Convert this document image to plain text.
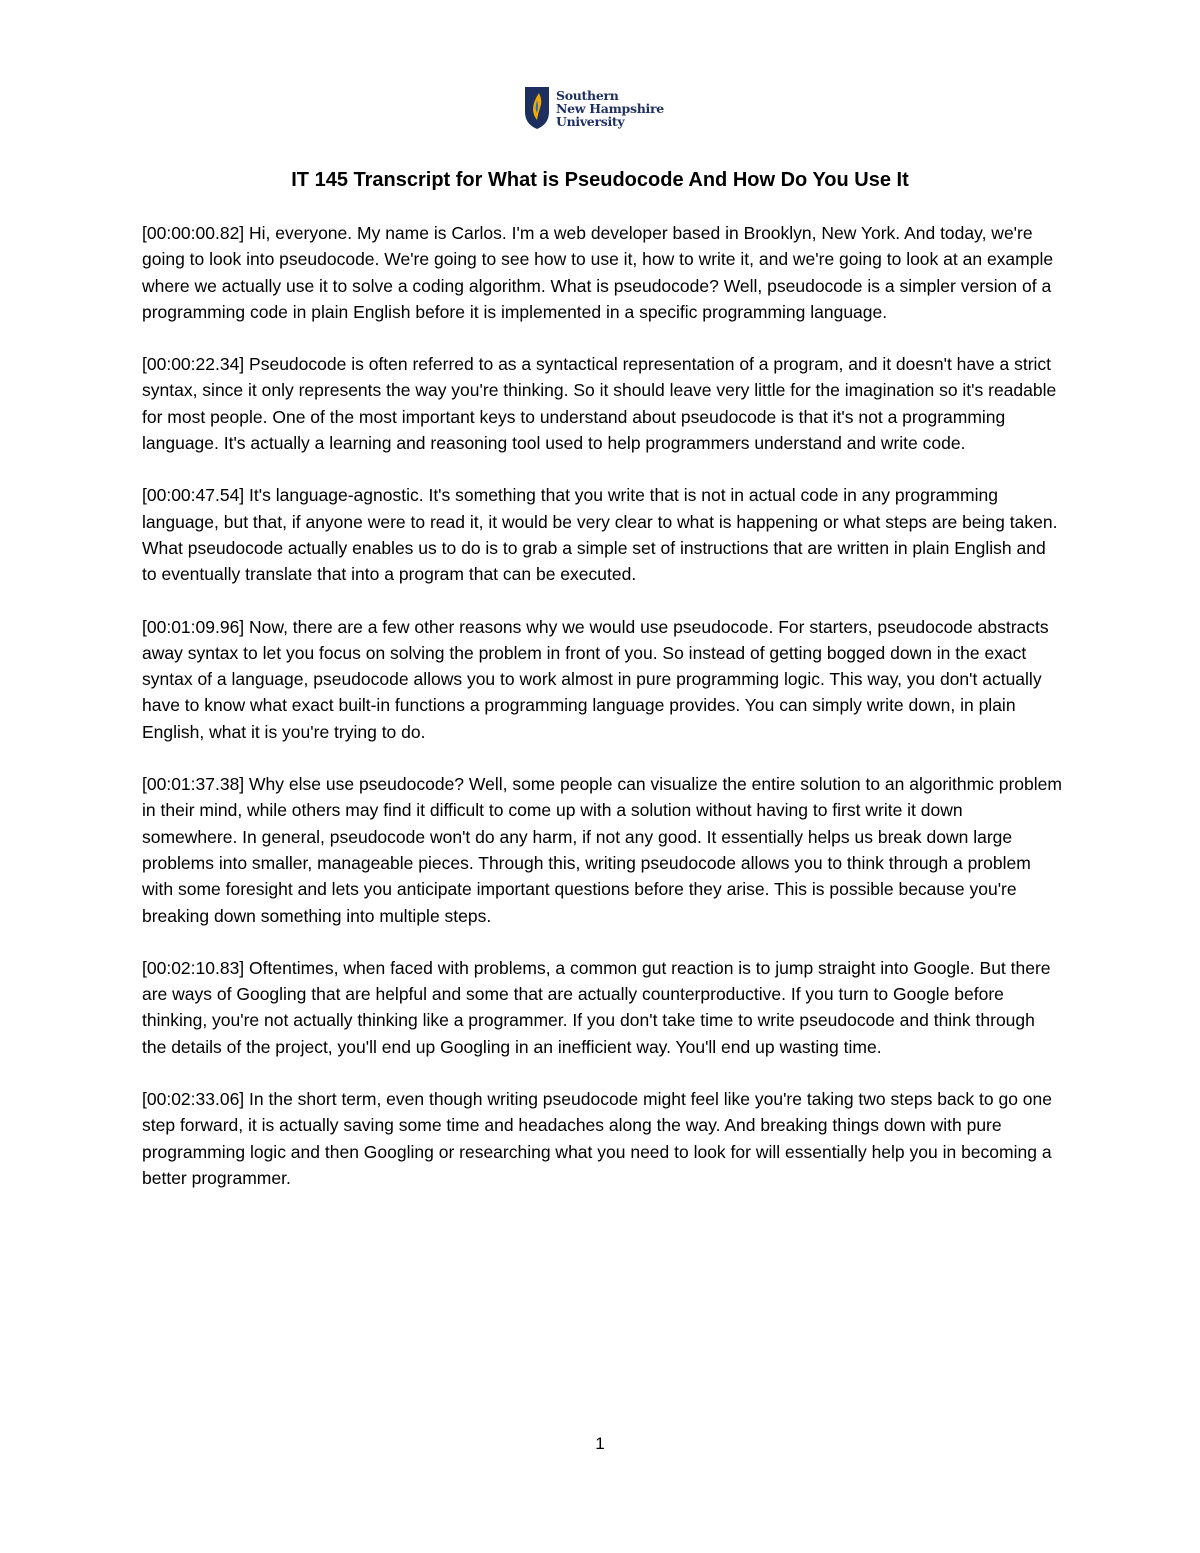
Southern
New Hampshire
University
IT 145 Transcript for What is Pseudocode And How Do You Use It

[00:00:00.82] Hi, everyone. My name is Carlos. I'm a web developer based in Brooklyn, New York. And today, we're going to look into pseudocode. We're going to see how to use it, how to write it, and we're going to look at an example where we actually use it to solve a coding algorithm. What is pseudocode? Well, pseudocode is a simpler version of a programming code in plain English before it is implemented in a specific programming language.

[00:00:22.34] Pseudocode is often referred to as a syntactical representation of a program, and it doesn't have a strict syntax, since it only represents the way you're thinking. So it should leave very little for the imagination so it's readable for most people. One of the most important keys to understand about pseudocode is that it's not a programming language. It's actually a learning and reasoning tool used to help programmers understand and write code.

[00:00:47.54] It's language-agnostic. It's something that you write that is not in actual code in any programming language, but that, if anyone were to read it, it would be very clear to what is happening or what steps are being taken. What pseudocode actually enables us to do is to grab a simple set of instructions that are written in plain English and to eventually translate that into a program that can be executed.

[00:01:09.96] Now, there are a few other reasons why we would use pseudocode. For starters, pseudocode abstracts away syntax to let you focus on solving the problem in front of you. So instead of getting bogged down in the exact syntax of a language, pseudocode allows you to work almost in pure programming logic. This way, you don't actually have to know what exact built-in functions a programming language provides. You can simply write down, in plain English, what it is you're trying to do.

[00:01:37.38] Why else use pseudocode? Well, some people can visualize the entire solution to an algorithmic problem in their mind, while others may find it difficult to come up with a solution without having to first write it down somewhere. In general, pseudocode won't do any harm, if not any good. It essentially helps us break down large problems into smaller, manageable pieces. Through this, writing pseudocode allows you to think through a problem with some foresight and lets you anticipate important questions before they arise. This is possible because you're breaking down something into multiple steps.

[00:02:10.83] Oftentimes, when faced with problems, a common gut reaction is to jump straight into Google. But there are ways of Googling that are helpful and some that are actually counterproductive. If you turn to Google before thinking, you're not actually thinking like a programmer. If you don't take time to write pseudocode and think through the details of the project, you'll end up Googling in an inefficient way. You'll end up wasting time.

[00:02:33.06] In the short term, even though writing pseudocode might feel like you're taking two steps back to go one step forward, it is actually saving some time and headaches along the way. And breaking things down with pure programming logic and then Googling or researching what you need to look for will essentially help you in becoming a better programmer.

1
